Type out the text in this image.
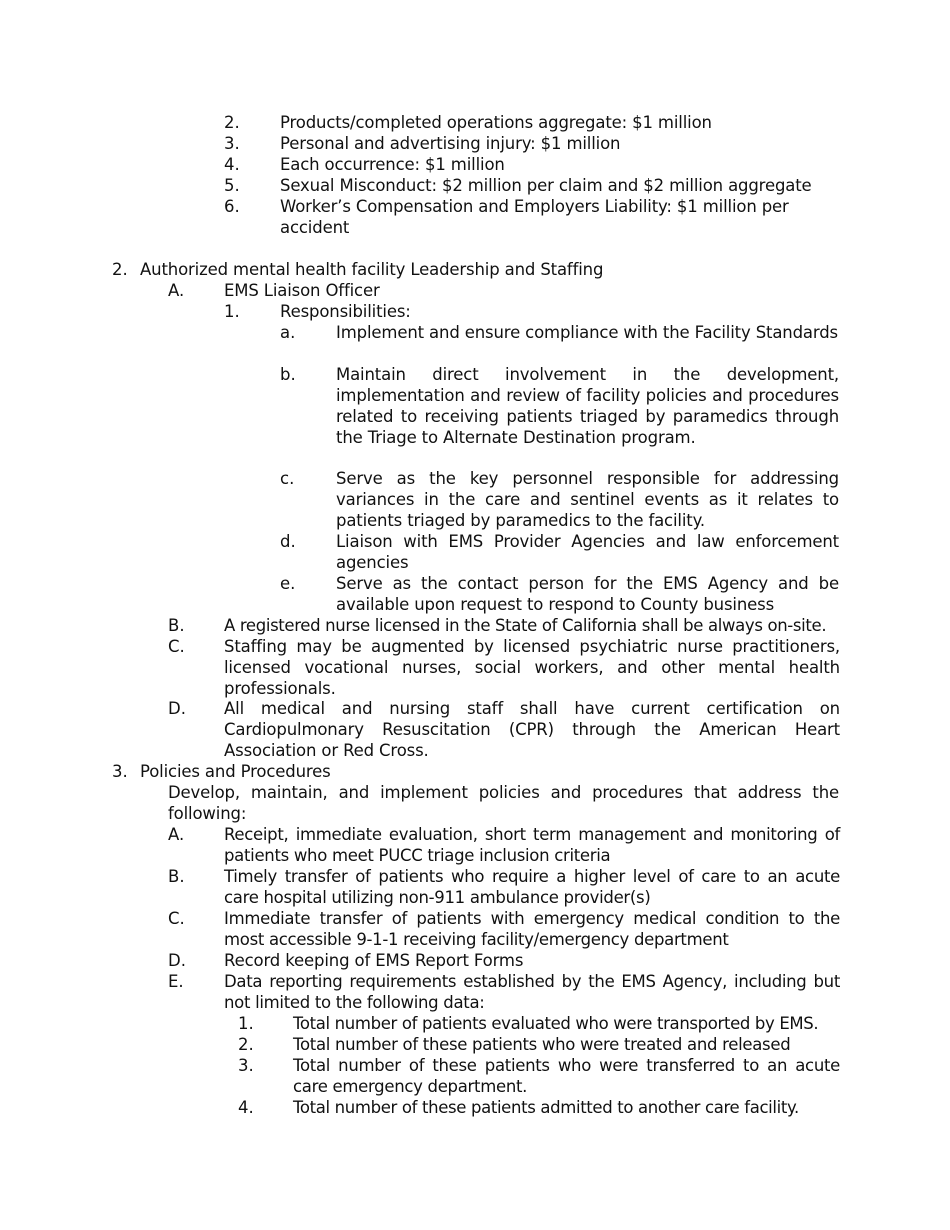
2. Products/completed operations aggregate: $1 million
3. Personal and advertising injury: $1 million
4. Each occurrence: $1 million
5. Sexual Misconduct: $2 million per claim and $2 million aggregate
6. Worker’s Compensation and Employers Liability: $1 million per accident
2. Authorized mental health facility Leadership and Staffing
A. EMS Liaison Officer
1. Responsibilities:
a. Implement and ensure compliance with the Facility Standards
b. Maintain direct involvement in the development, implementation and review of facility policies and procedures related to receiving patients triaged by paramedics through the Triage to Alternate Destination program.
c.	Serve as the key personnel responsible for addressing variances in the care and sentinel events as it relates to patients triaged by paramedics to the facility.
d. Liaison with EMS Provider Agencies and law enforcement agencies
e. Serve as the contact person for the EMS Agency and be available upon request to respond to County business
B. A registered nurse licensed in the State of California shall be always on-site.
C. Staffing may be augmented by licensed psychiatric nurse practitioners, licensed vocational nurses, social workers, and other mental health professionals.
D. All medical and nursing staff shall have current certification on Cardiopulmonary Resuscitation (CPR) through the American Heart Association or Red Cross.
3. Policies and Procedures
Develop, maintain, and implement policies and procedures that address the following:
A. Receipt, immediate evaluation, short term management and monitoring of patients who meet PUCC triage inclusion criteria
B. Timely transfer of patients who require a higher level of care to an acute care hospital utilizing non-911 ambulance provider(s)
C. Immediate transfer of patients with emergency medical condition to the most accessible 9-1-1 receiving facility/emergency department
D. Record keeping of EMS Report Forms
E. Data reporting requirements established by the EMS Agency, including but not limited to the following data:
1. Total number of patients evaluated who were transported by EMS.
2. Total number of these patients who were treated and released
3. Total number of these patients who were transferred to an acute care emergency department.
4. Total number of these patients admitted to another care facility.
